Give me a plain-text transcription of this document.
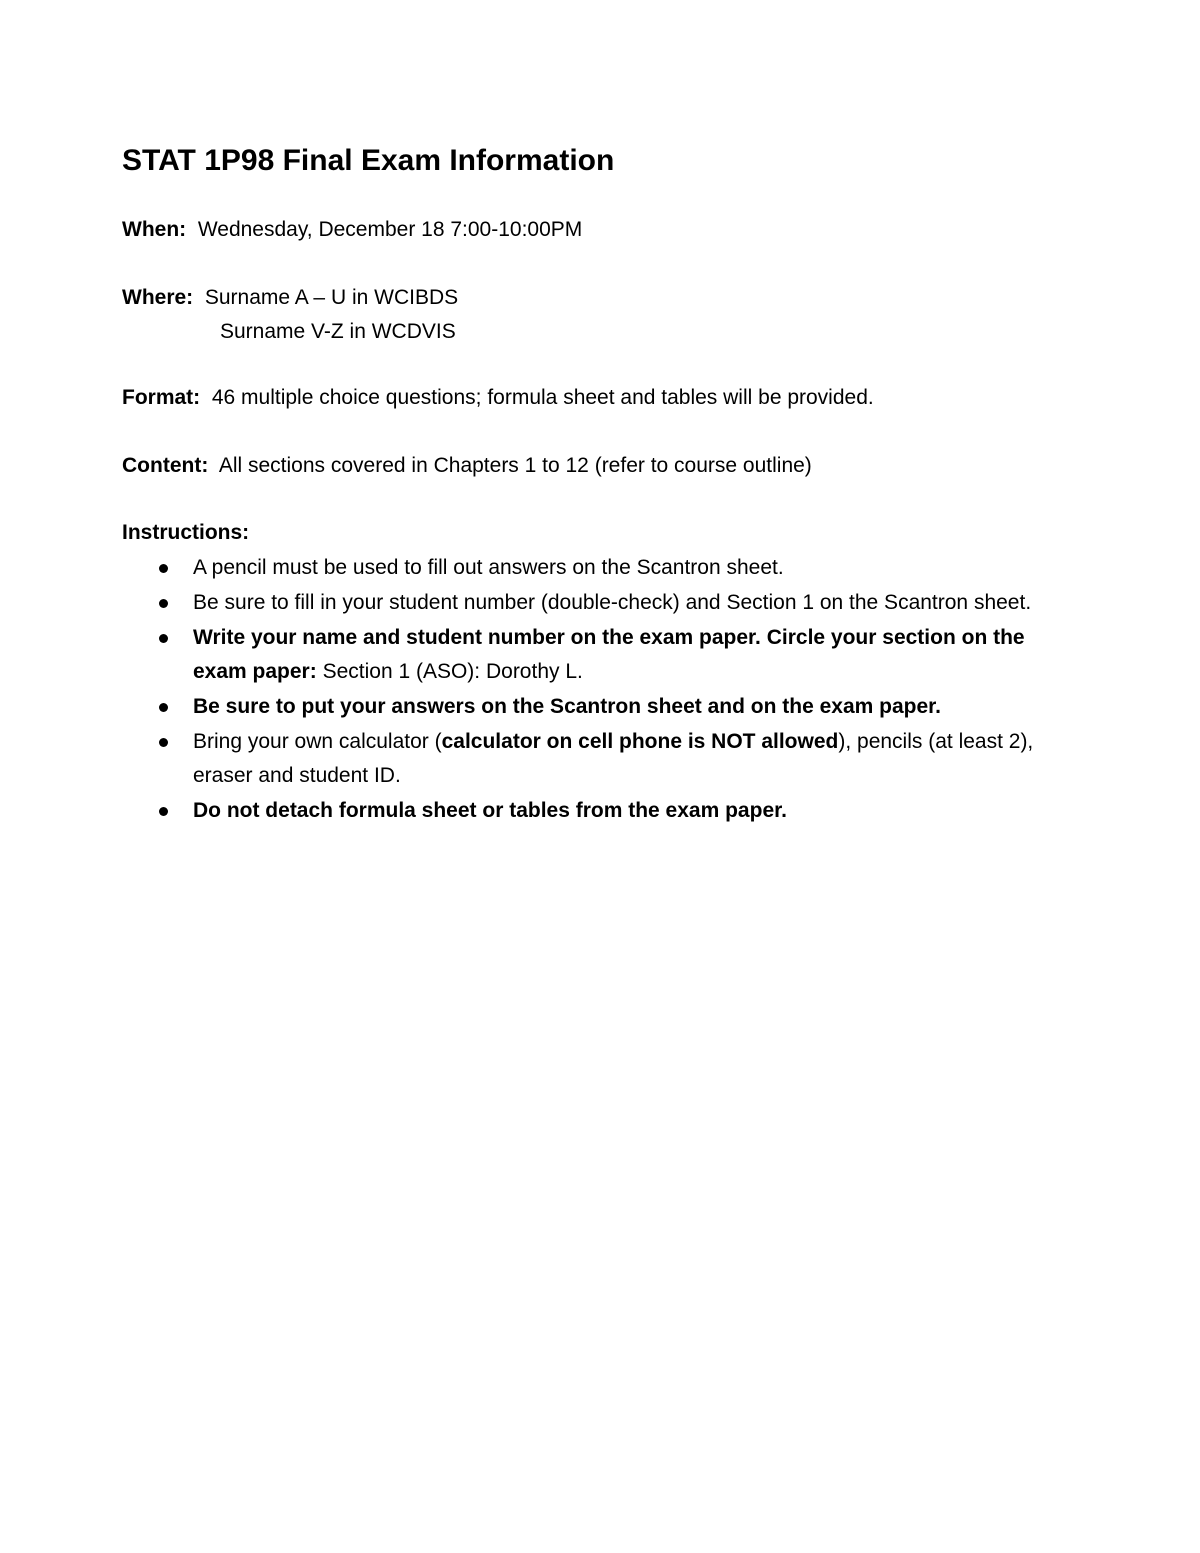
STAT 1P98 Final Exam Information
When: Wednesday, December 18 7:00-10:00PM
Where: Surname A – U in WCIBDS
Surname V-Z in WCDVIS
Format: 46 multiple choice questions; formula sheet and tables will be provided.
Content: All sections covered in Chapters 1 to 12 (refer to course outline)
Instructions:
A pencil must be used to fill out answers on the Scantron sheet.
Be sure to fill in your student number (double-check) and Section 1 on the Scantron sheet.
Write your name and student number on the exam paper. Circle your section on the exam paper: Section 1 (ASO): Dorothy L.
Be sure to put your answers on the Scantron sheet and on the exam paper.
Bring your own calculator (calculator on cell phone is NOT allowed), pencils (at least 2), eraser and student ID.
Do not detach formula sheet or tables from the exam paper.
